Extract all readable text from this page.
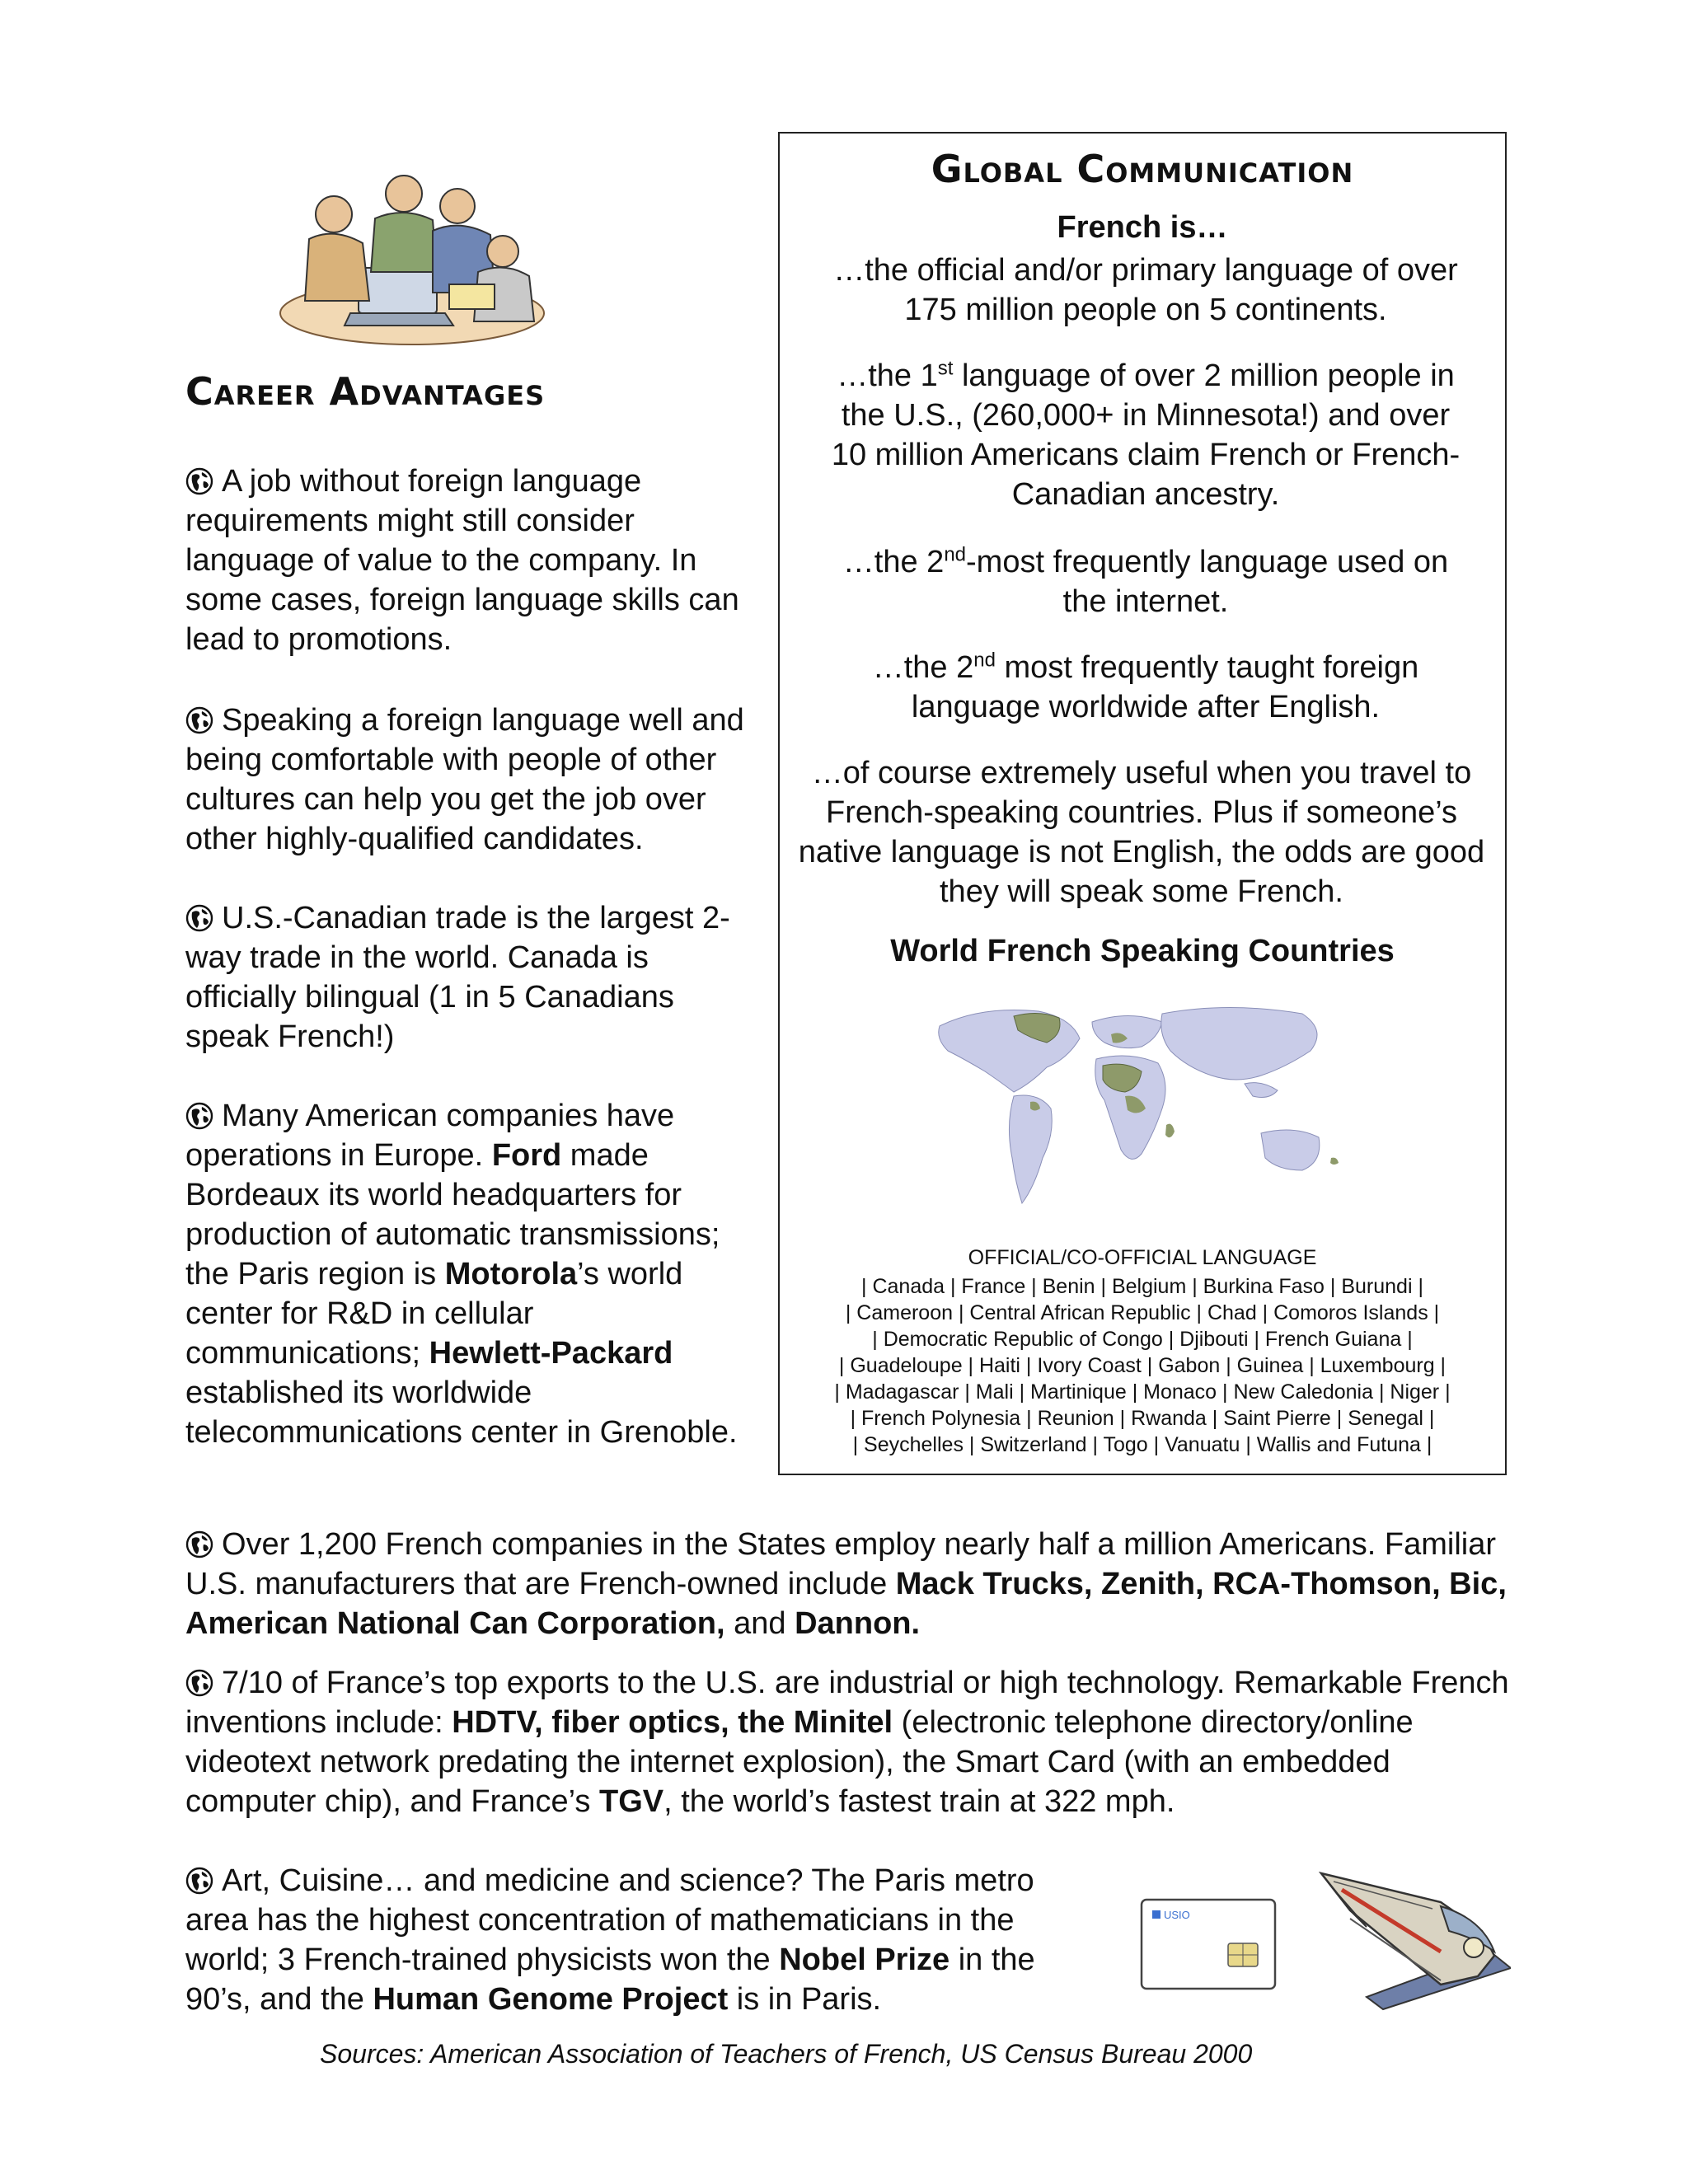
Career Advantages
A job without foreign language requirements might still consider language of value to the company. In some cases, foreign language skills can lead to promotions.
Speaking a foreign language well and being comfortable with people of other cultures can help you get the job over other highly-qualified candidates.
U.S.-Canadian trade is the largest 2-way trade in the world. Canada is officially bilingual (1 in 5 Canadians speak French!)
Many American companies have operations in Europe. Ford made Bordeaux its world headquarters for production of automatic transmissions; the Paris region is Motorola’s world center for R&D in cellular communications; Hewlett-Packard established its worldwide telecommunications center in Grenoble.
Global Communication
French is…

…the official and/or primary language of over 175 million people on 5 continents.

…the 1st language of over 2 million people in the U.S., (260,000+ in Minnesota!) and over 10 million Americans claim French or French-Canadian ancestry.

…the 2nd-most frequently language used on the internet.

…the 2nd most frequently taught foreign language worldwide after English.

…of course extremely useful when you travel to French-speaking countries. Plus if someone’s native language is not English, the odds are good they will speak some French.

World French Speaking Countries
OFFICIAL/CO-OFFICIAL LANGUAGE
| Canada | France | Benin | Belgium | Burkina Faso | Burundi |
| Cameroon | Central African Republic | Chad | Comoros Islands |
| Democratic Republic of Congo | Djibouti | French Guiana |
| Guadeloupe | Haiti | Ivory Coast | Gabon | Guinea | Luxembourg |
| Madagascar | Mali | Martinique | Monaco | New Caledonia | Niger |
| French Polynesia | Reunion | Rwanda | Saint Pierre | Senegal |
| Seychelles | Switzerland | Togo | Vanuatu | Wallis and Futuna |
Over 1,200 French companies in the States employ nearly half a million Americans. Familiar U.S. manufacturers that are French-owned include Mack Trucks, Zenith, RCA-Thomson, Bic, American National Can Corporation, and Dannon.
7/10 of France’s top exports to the U.S. are industrial or high technology. Remarkable French inventions include: HDTV, fiber optics, the Minitel (electronic telephone directory/online videotext network predating the internet explosion), the Smart Card (with an embedded computer chip), and France’s TGV, the world’s fastest train at 322 mph.
Art, Cuisine… and medicine and science? The Paris metro area has the highest concentration of mathematicians in the world; 3 French-trained physicists won the Nobel Prize in the 90’s, and the Human Genome Project is in Paris.
USIO
Sources: American Association of Teachers of French, US Census Bureau 2000
